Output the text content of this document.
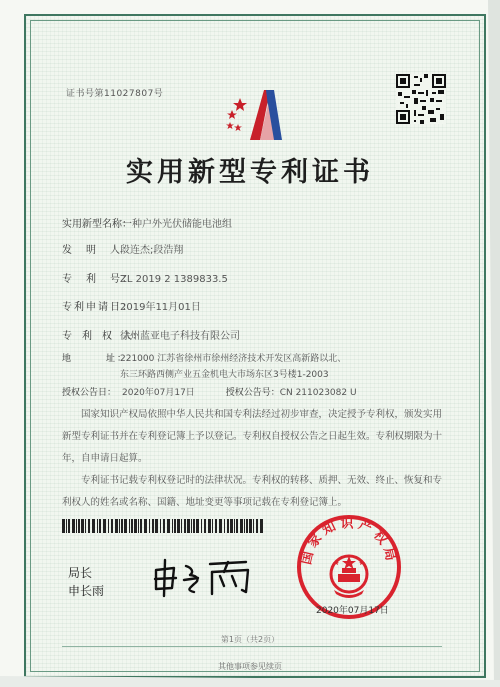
证书号第11027807号
实用新型专利证书
实用新型名称：一种户外光伏储能电池组
发　明　人：段连杰;段浩翔
专　利　号：ZL 2019 2 1389833.5
专利申请日：2019年11月01日
专　利　权　人：徐州蓝亚电子科技有限公司
地　　　址：221000 江苏省徐州市徐州经济技术开发区高新路以北、
东三环路西侧产业五金机电大市场东区3号楼1-2003
授权公告日： 2020年07月17日	授权公告号：CN 211023082 U

国家知识产权局依照中华人民共和国专利法经过初步审查，决定授予专利权，颁发实用新型专利证书并在专利登记簿上予以登记。专利权自授权公告之日起生效。专利权期限为十年，自申请日起算。

专利证书记载专利权登记时的法律状况。专利权的转移、质押、无效、终止、恢复和专利权人的姓名或名称、国籍、地址变更等事项记载在专利登记簿上。

局长
申长雨
国家知识产权局
2020年07月17日
第1页（共2页）
其他事项参见续页
